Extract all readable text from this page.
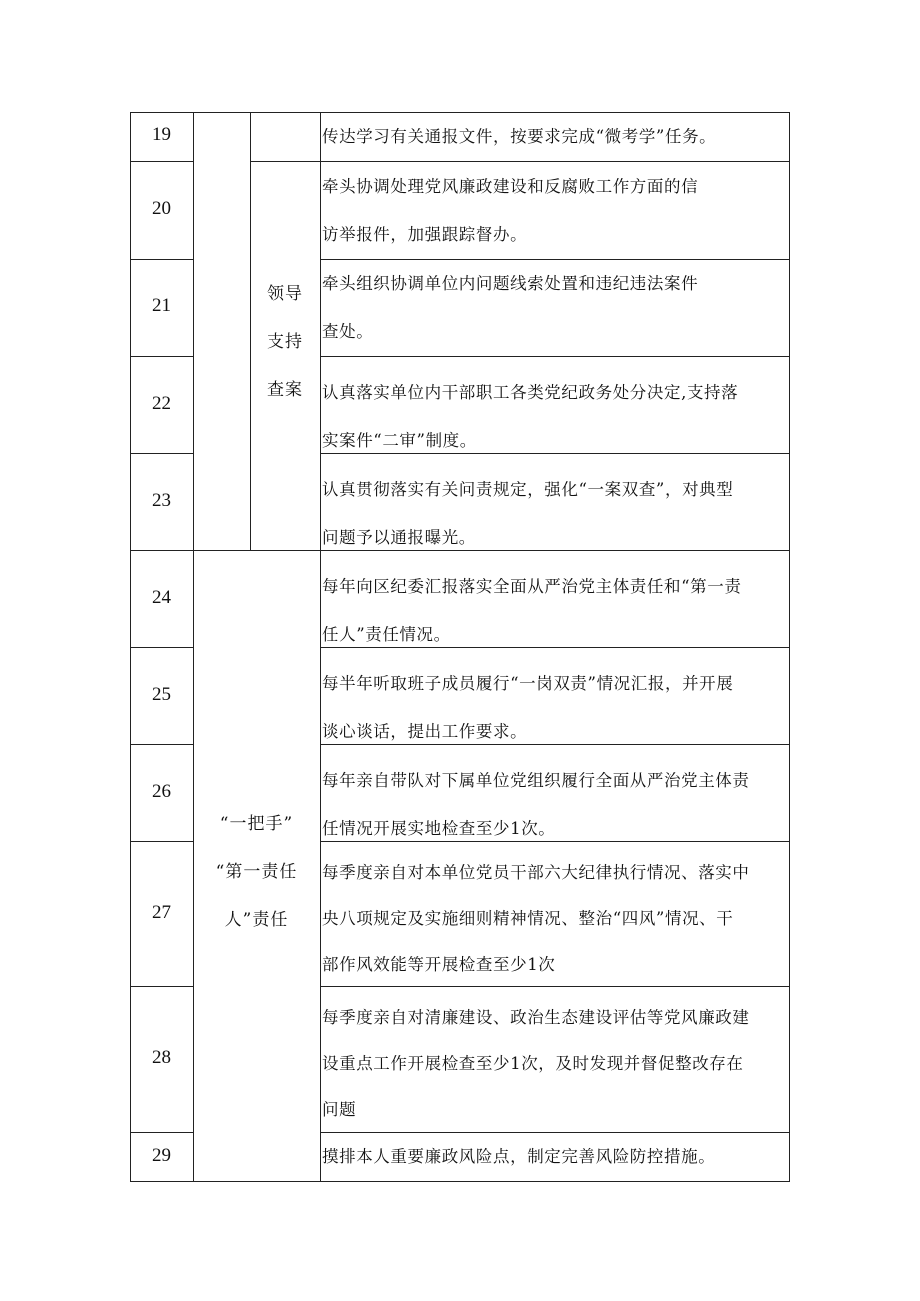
19
20
21
22
23
24
25
26
27
28
29
领导
支持
查案
“一把手”
“第一责任
人”责任
传达学习有关通报文件，按要求完成“微考学”任务。
牵头协调处理党风廉政建设和反腐败工作方面的信
访举报件，加强跟踪督办。
牵头组织协调单位内问题线索处置和违纪违法案件
查处。
认真落实单位内干部职工各类党纪政务处分决定,支持落
实案件“二审”制度。
认真贯彻落实有关问责规定，强化“一案双查”，对典型
问题予以通报曝光。
每年向区纪委汇报落实全面从严治党主体责任和“第一责
任人”责任情况。
每半年听取班子成员履行“一岗双责”情况汇报，并开展
谈心谈话，提出工作要求。
每年亲自带队对下属单位党组织履行全面从严治党主体责
任情况开展实地检查至少1次。
每季度亲自对本单位党员干部六大纪律执行情况、落实中
央八项规定及实施细则精神情况、整治“四风”情况、干
部作风效能等开展检查至少1次
每季度亲自对清廉建设、政治生态建设评估等党风廉政建
设重点工作开展检查至少1次，及时发现并督促整改存在
问题
摸排本人重要廉政风险点，制定完善风险防控措施。
